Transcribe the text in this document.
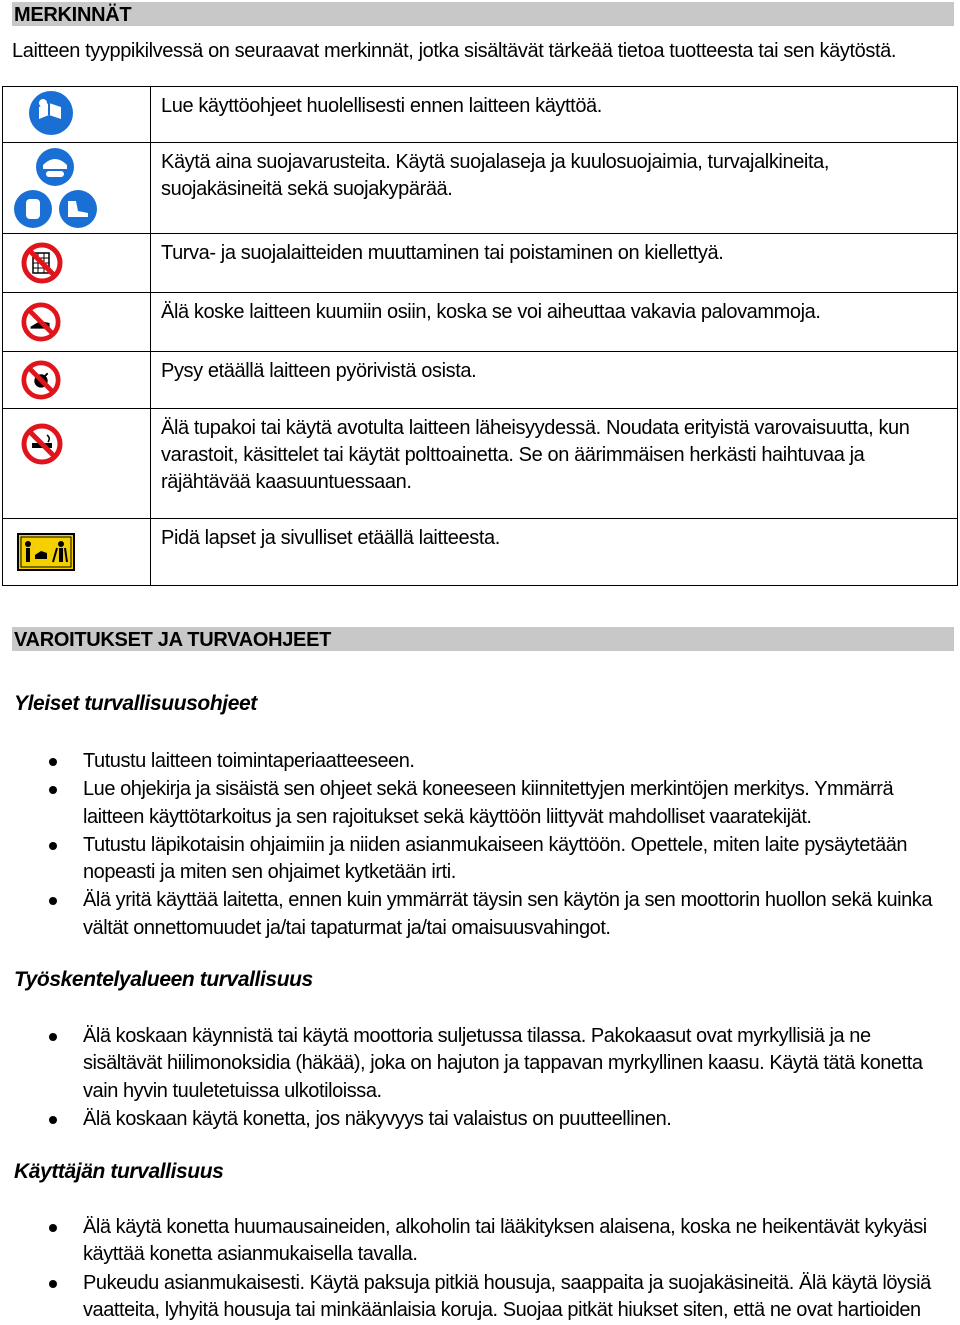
MERKINNÄT
Laitteen tyyppikilvessä on seuraavat merkinnät, jotka sisältävät tärkeää tietoa tuotteesta tai sen käytöstä.

Lue käyttöohjeet huolellisesti ennen laitteen käyttöä.

Käytä aina suojavarusteita. Käytä suojalaseja ja kuulosuojaimia, turvajalkineita,
suojakäsineitä sekä suojakypärää.

Turva- ja suojalaitteiden muuttaminen tai poistaminen on kiellettyä.

Älä koske laitteen kuumiin osiin, koska se voi aiheuttaa vakavia palovammoja.

Pysy etäällä laitteen pyörivistä osista.

Älä tupakoi tai käytä avotulta laitteen läheisyydessä. Noudata erityistä varovaisuutta, kun
varastoit, käsittelet tai käytät polttoainetta. Se on äärimmäisen herkästi haihtuvaa ja
räjähtävää kaasuuntuessaan.

Pidä lapset ja sivulliset etäällä laitteesta.
VAROITUKSET JA TURVAOHJEET
Yleiset turvallisuusohjeet
Tutustu laitteen toimintaperiaatteeseen.
Lue ohjekirja ja sisäistä sen ohjeet sekä koneeseen kiinnitettyjen merkintöjen merkitys. Ymmärrä
laitteen käyttötarkoitus ja sen rajoitukset sekä käyttöön liittyvät mahdolliset vaaratekijät.
Tutustu läpikotaisin ohjaimiin ja niiden asianmukaiseen käyttöön. Opettele, miten laite pysäytetään
nopeasti ja miten sen ohjaimet kytketään irti.
Älä yritä käyttää laitetta, ennen kuin ymmärrät täysin sen käytön ja sen moottorin huollon sekä kuinka
vältät onnettomuudet ja/tai tapaturmat ja/tai omaisuusvahingot.
Työskentelyalueen turvallisuus
Älä koskaan käynnistä tai käytä moottoria suljetussa tilassa. Pakokaasut ovat myrkyllisiä ja ne
sisältävät hiilimonoksidia (häkää), joka on hajuton ja tappavan myrkyllinen kaasu. Käytä tätä konetta
vain hyvin tuuletetuissa ulkotiloissa.
Älä koskaan käytä konetta, jos näkyvyys tai valaistus on puutteellinen.
Käyttäjän turvallisuus
Älä käytä konetta huumausaineiden, alkoholin tai lääkityksen alaisena, koska ne heikentävät kykyäsi
käyttää konetta asianmukaisella tavalla.
Pukeudu asianmukaisesti. Käytä paksuja pitkiä housuja, saappaita ja suojakäsineitä. Älä käytä löysiä
vaatteita, lyhyitä housuja tai minkäänlaisia koruja. Suojaa pitkät hiukset siten, että ne ovat hartioiden
